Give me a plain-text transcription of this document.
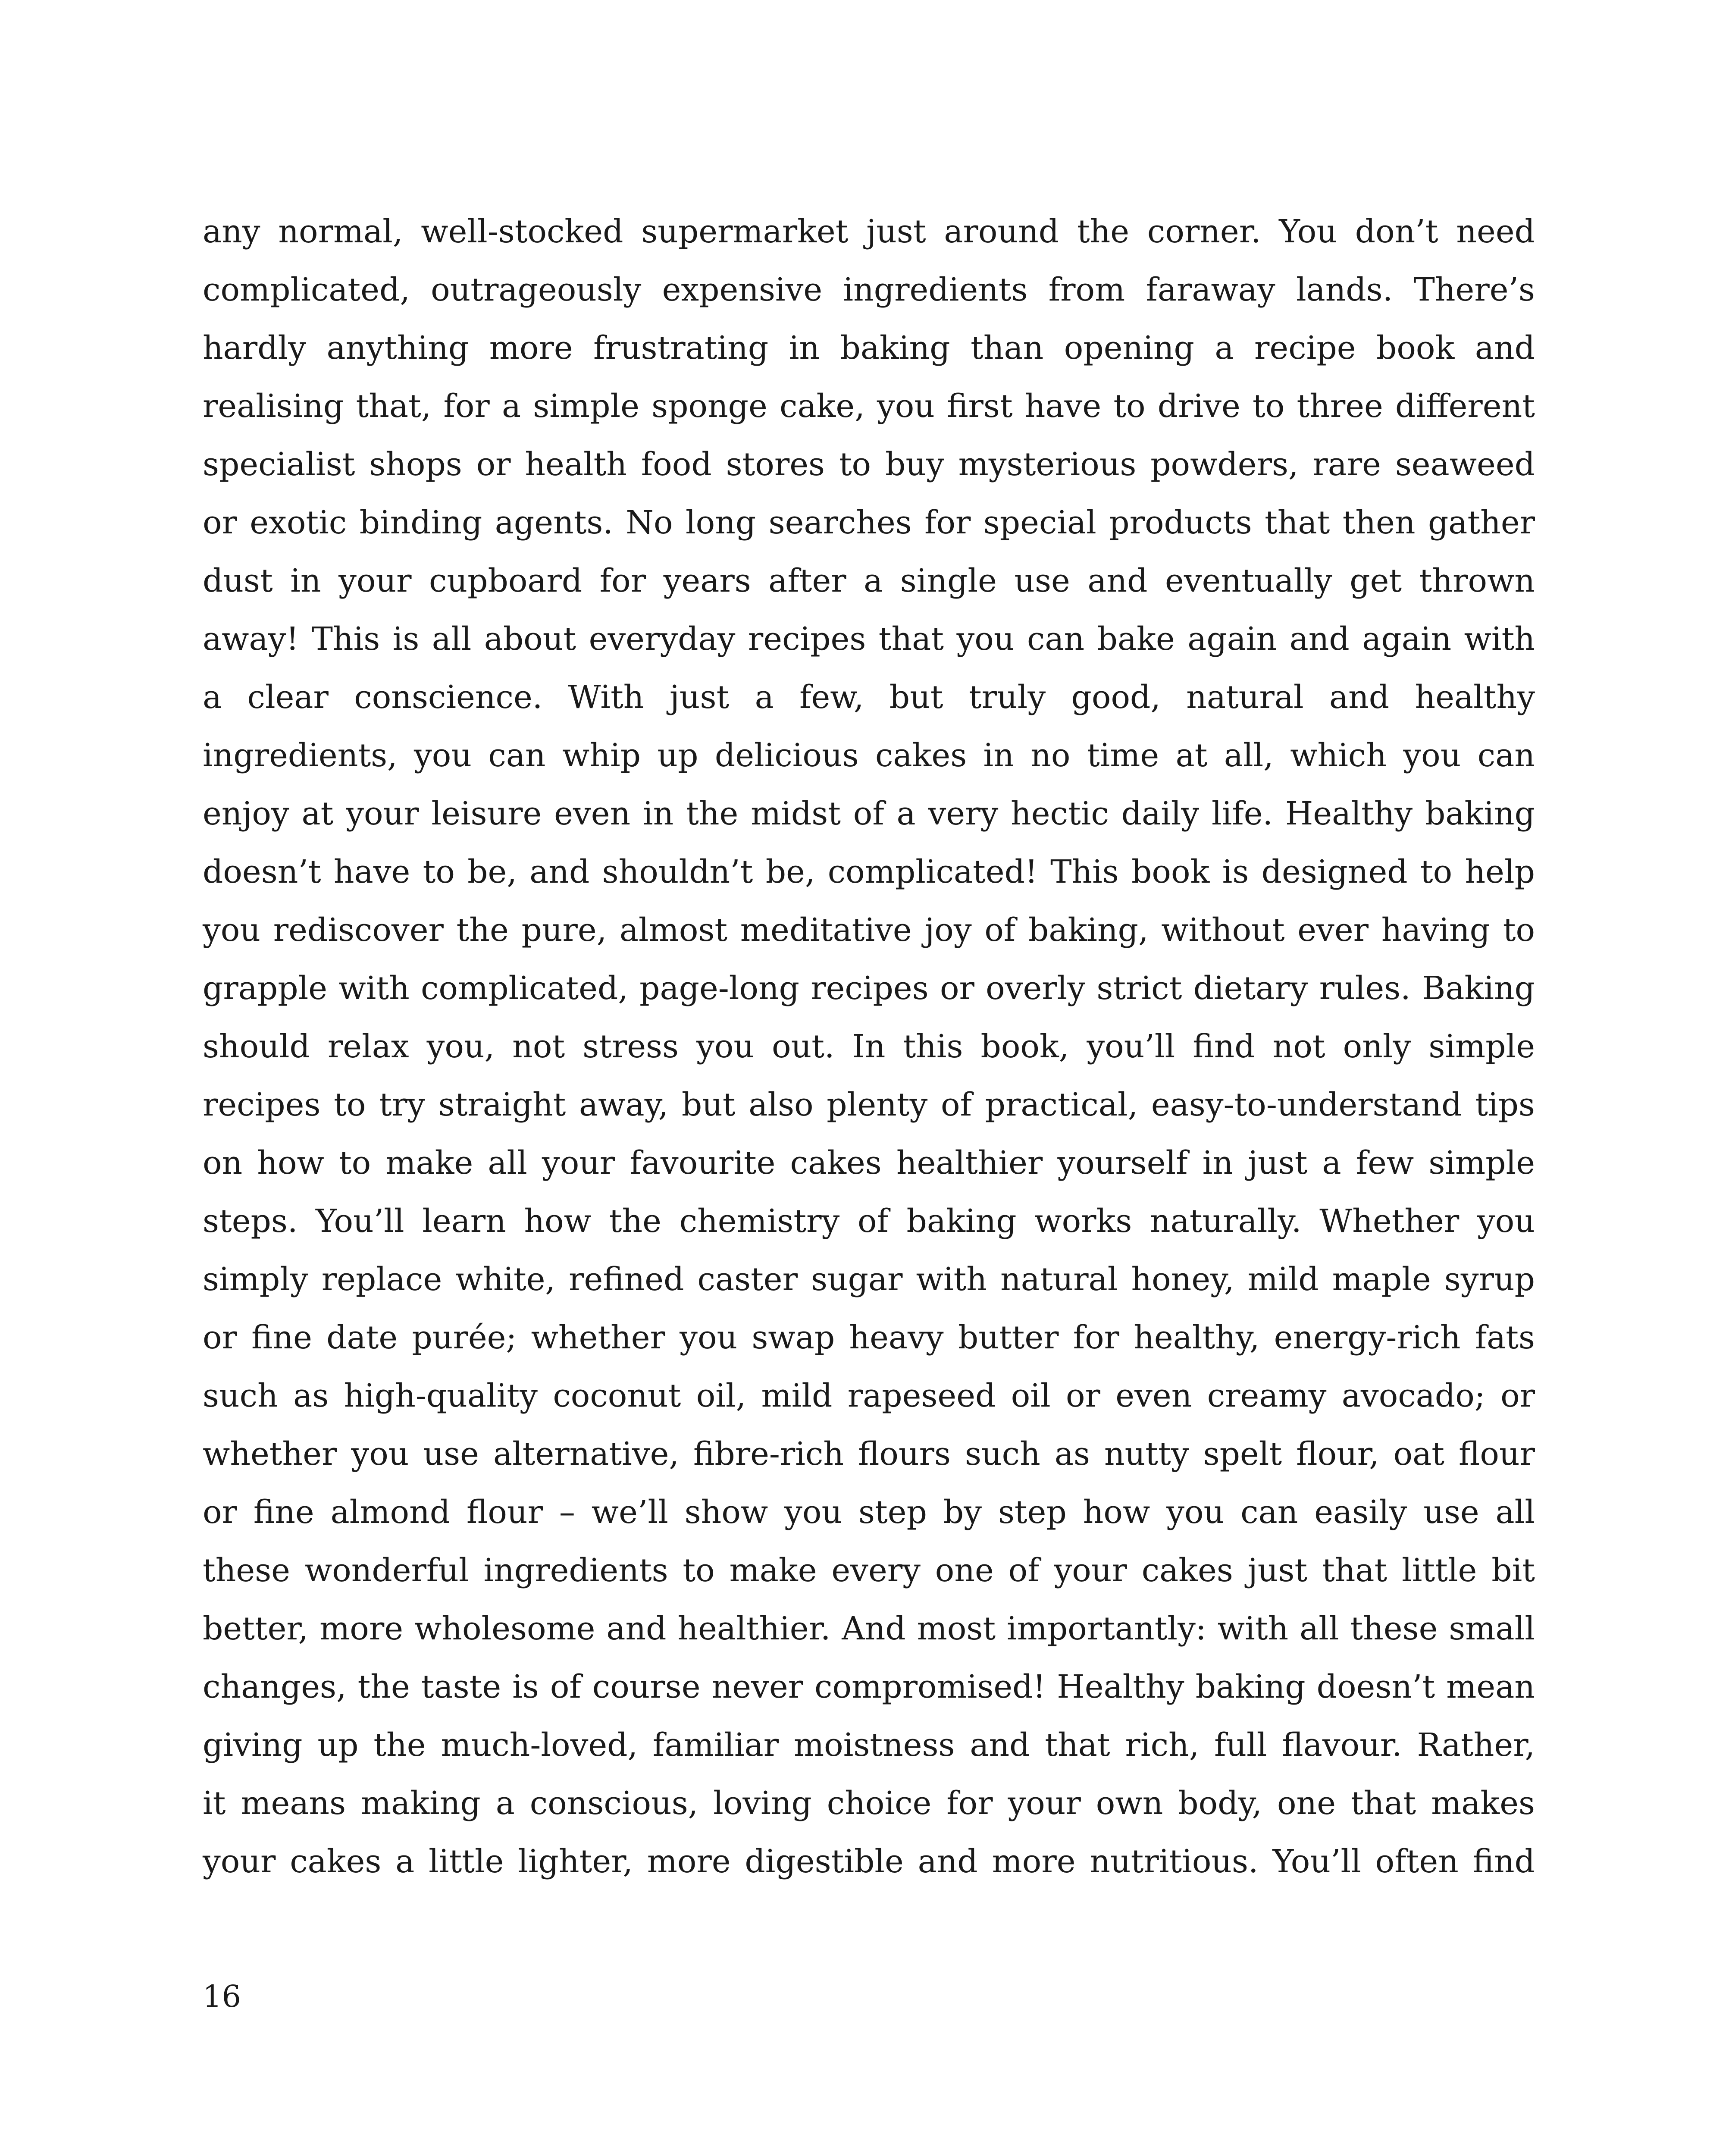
any normal, well-stocked supermarket just around the corner. You don’t need
complicated, outrageously expensive ingredients from faraway lands. There’s
hardly anything more frustrating in baking than opening a recipe book and
realising that, for a simple sponge cake, you first have to drive to three different
specialist shops or health food stores to buy mysterious powders, rare seaweed
or exotic binding agents. No long searches for special products that then gather
dust in your cupboard for years after a single use and eventually get thrown
away! This is all about everyday recipes that you can bake again and again with
a clear conscience. With just a few, but truly good, natural and healthy
ingredients, you can whip up delicious cakes in no time at all, which you can
enjoy at your leisure even in the midst of a very hectic daily life. Healthy baking
doesn’t have to be, and shouldn’t be, complicated! This book is designed to help
you rediscover the pure, almost meditative joy of baking, without ever having to
grapple with complicated, page-long recipes or overly strict dietary rules. Baking
should relax you, not stress you out. In this book, you’ll find not only simple
recipes to try straight away, but also plenty of practical, easy-to-understand tips
on how to make all your favourite cakes healthier yourself in just a few simple
steps. You’ll learn how the chemistry of baking works naturally. Whether you
simply replace white, refined caster sugar with natural honey, mild maple syrup
or fine date purée; whether you swap heavy butter for healthy, energy-rich fats
such as high-quality coconut oil, mild rapeseed oil or even creamy avocado; or
whether you use alternative, fibre-rich flours such as nutty spelt flour, oat flour
or fine almond flour – we’ll show you step by step how you can easily use all
these wonderful ingredients to make every one of your cakes just that little bit
better, more wholesome and healthier. And most importantly: with all these small
changes, the taste is of course never compromised! Healthy baking doesn’t mean
giving up the much-loved, familiar moistness and that rich, full flavour. Rather,
it means making a conscious, loving choice for your own body, one that makes
your cakes a little lighter, more digestible and more nutritious. You’ll often find
16
